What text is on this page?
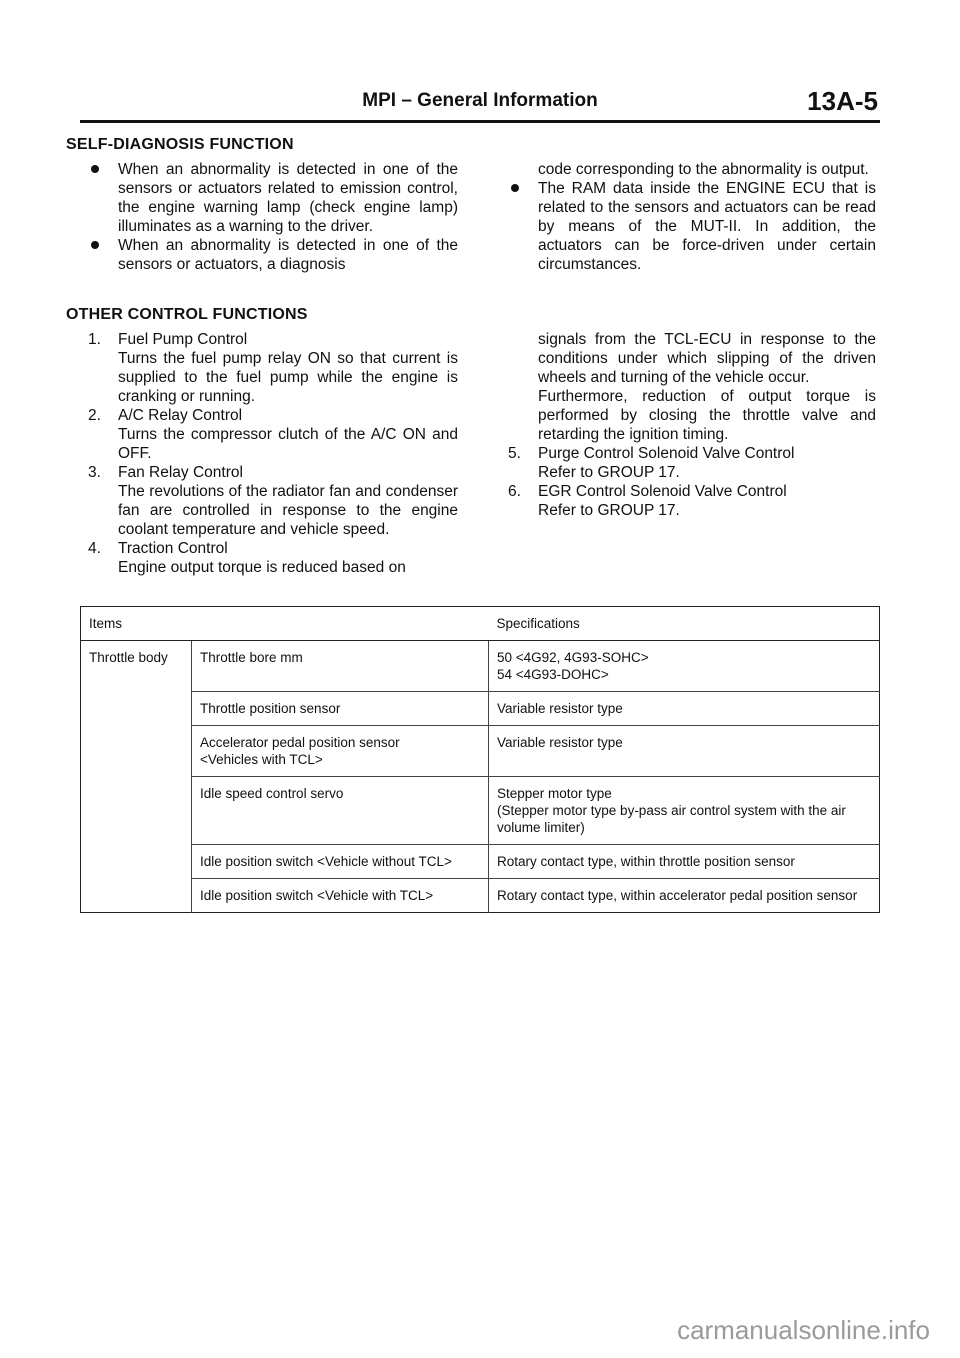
MPI – General Information	13A-5
SELF-DIAGNOSIS FUNCTION
When an abnormality is detected in one of the sensors or actuators related to emission control, the engine warning lamp (check engine lamp) illuminates as a warning to the driver.
When an abnormality is detected in one of the sensors or actuators, a diagnosis
code corresponding to the abnormality is output.
The RAM data inside the ENGINE ECU that is related to the sensors and actuators can be read by means of the MUT-II. In addition, the actuators can be force-driven under certain circumstances.
OTHER CONTROL FUNCTIONS
1. Fuel Pump Control
Turns the fuel pump relay ON so that current is supplied to the fuel pump while the engine is cranking or running.
2. A/C Relay Control
Turns the compressor clutch of the A/C ON and OFF.
3. Fan Relay Control
The revolutions of the radiator fan and condenser fan are controlled in response to the engine coolant temperature and vehicle speed.
4. Traction Control
Engine output torque is reduced based on
signals from the TCL-ECU in response to the conditions under which slipping of the driven wheels and turning of the vehicle occur.
Furthermore, reduction of output torque is performed by closing the throttle valve and retarding the ignition timing.
5. Purge Control Solenoid Valve Control
Refer to GROUP 17.
6. EGR Control Solenoid Valve Control
Refer to GROUP 17.
Items		Specifications
Throttle body	Throttle bore mm	50 <4G92, 4G93-SOHC>
54 <4G93-DOHC>
	Throttle position sensor	Variable resistor type
	Accelerator pedal position sensor
<Vehicles with TCL>	Variable resistor type
	Idle speed control servo	Stepper motor type
(Stepper motor type by-pass air control system with the air volume limiter)
	Idle position switch <Vehicle without TCL>	Rotary contact type, within throttle position sensor
	Idle position switch <Vehicle with TCL>	Rotary contact type, within accelerator pedal position sensor
carmanualsonline.info
